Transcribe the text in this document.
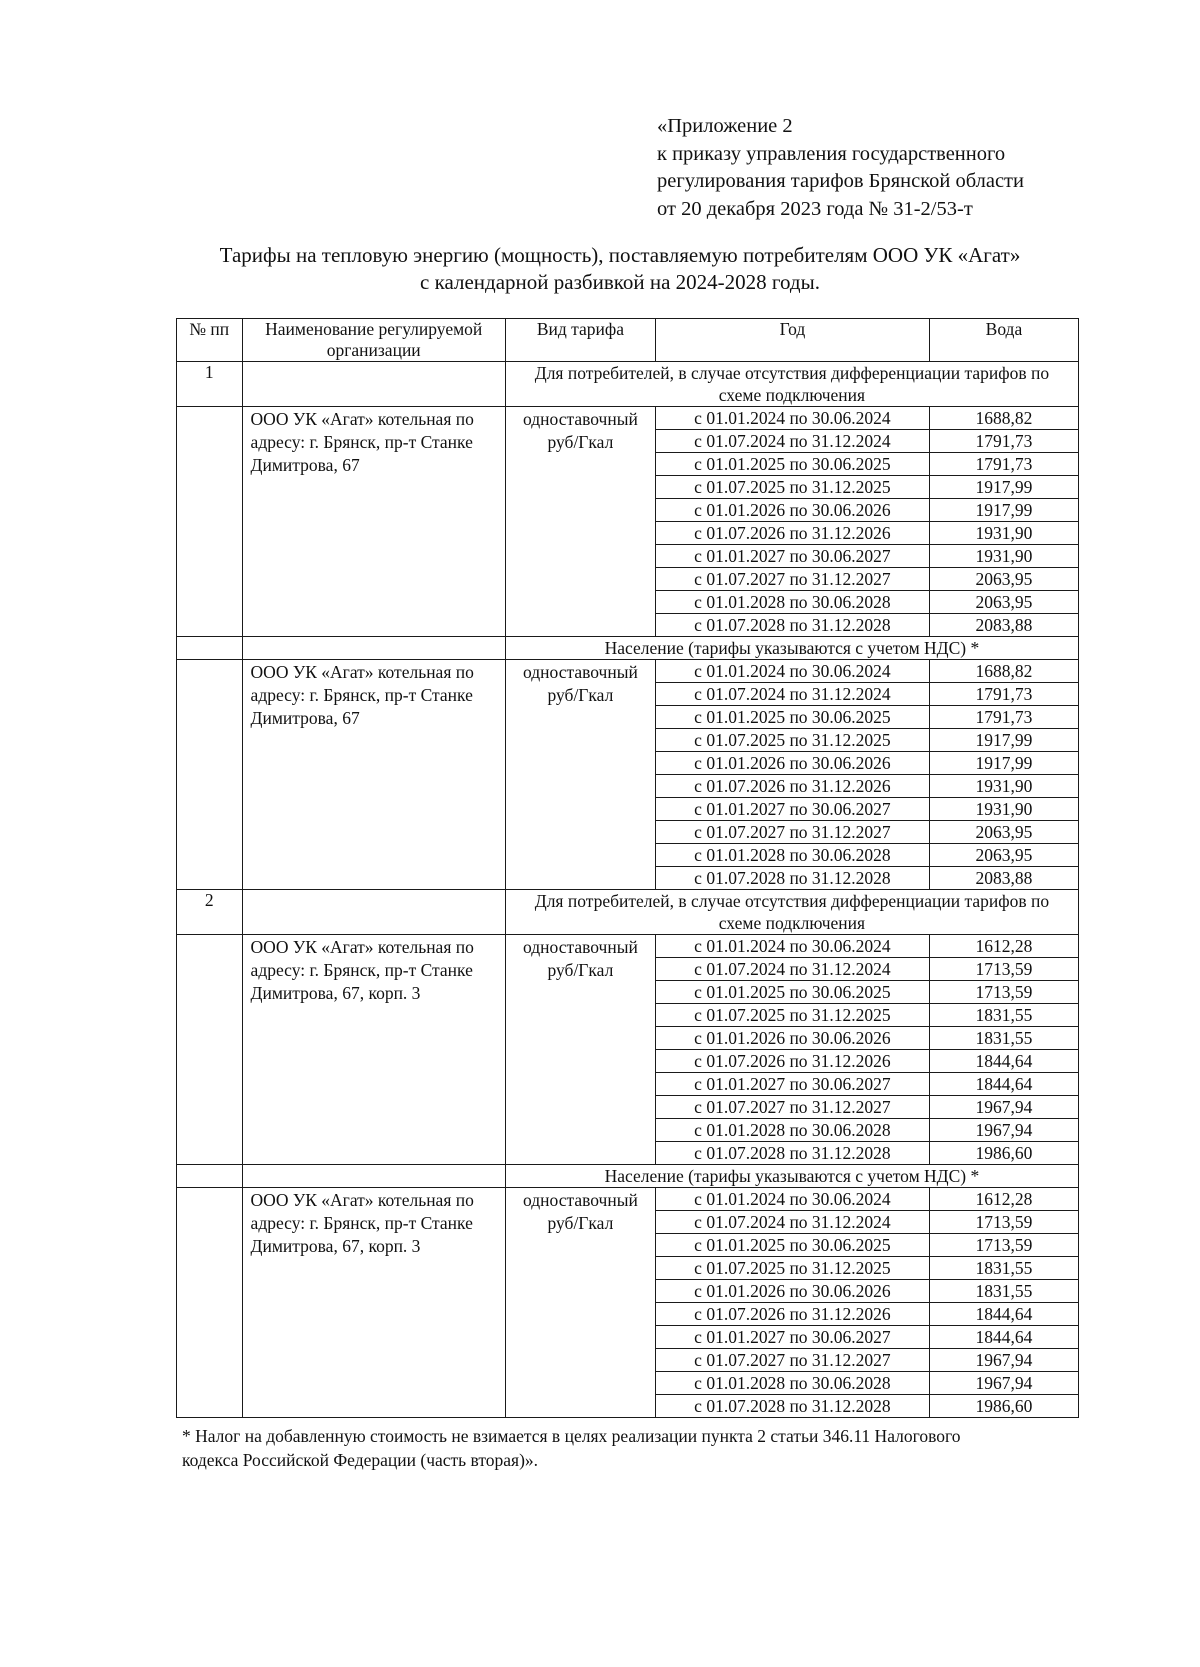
«Приложение 2
к приказу управления государственного
регулирования тарифов Брянской области
от 20 декабря 2023 года № 31-2/53-т
Тарифы на тепловую энергию (мощность), поставляемую потребителям ООО УК «Агат»
с календарной разбивкой на 2024-2028 годы.
№ пп	Наименование регулируемой организации	Вид тарифа	Год	Вода
1		Для потребителей, в случае отсутствия дифференциации тарифов по схеме подключения		
	ООО УК «Агат» котельная по адресу: г. Брянск, пр-т Станке Димитрова, 67	одноставочный руб/Гкал	с 01.01.2024 по 30.06.2024	1688,82
			с 01.07.2024 по 31.12.2024	1791,73
			с 01.01.2025 по 30.06.2025	1791,73
			с 01.07.2025 по 31.12.2025	1917,99
			с 01.01.2026 по 30.06.2026	1917,99
			с 01.07.2026 по 31.12.2026	1931,90
			с 01.01.2027 по 30.06.2027	1931,90
			с 01.07.2027 по 31.12.2027	2063,95
			с 01.01.2028 по 30.06.2028	2063,95
			с 01.07.2028 по 31.12.2028	2083,88
		Население (тарифы указываются с учетом НДС) *		
	ООО УК «Агат» котельная по адресу: г. Брянск, пр-т Станке Димитрова, 67	одноставочный руб/Гкал	с 01.01.2024 по 30.06.2024	1688,82
			с 01.07.2024 по 31.12.2024	1791,73
			с 01.01.2025 по 30.06.2025	1791,73
			с 01.07.2025 по 31.12.2025	1917,99
			с 01.01.2026 по 30.06.2026	1917,99
			с 01.07.2026 по 31.12.2026	1931,90
			с 01.01.2027 по 30.06.2027	1931,90
			с 01.07.2027 по 31.12.2027	2063,95
			с 01.01.2028 по 30.06.2028	2063,95
			с 01.07.2028 по 31.12.2028	2083,88
2		Для потребителей, в случае отсутствия дифференциации тарифов по схеме подключения		
	ООО УК «Агат» котельная по адресу: г. Брянск, пр-т Станке Димитрова, 67, корп. 3	одноставочный руб/Гкал	с 01.01.2024 по 30.06.2024	1612,28
			с 01.07.2024 по 31.12.2024	1713,59
			с 01.01.2025 по 30.06.2025	1713,59
			с 01.07.2025 по 31.12.2025	1831,55
			с 01.01.2026 по 30.06.2026	1831,55
			с 01.07.2026 по 31.12.2026	1844,64
			с 01.01.2027 по 30.06.2027	1844,64
			с 01.07.2027 по 31.12.2027	1967,94
			с 01.01.2028 по 30.06.2028	1967,94
			с 01.07.2028 по 31.12.2028	1986,60
		Население (тарифы указываются с учетом НДС) *		
	ООО УК «Агат» котельная по адресу: г. Брянск, пр-т Станке Димитрова, 67, корп. 3	одноставочный руб/Гкал	с 01.01.2024 по 30.06.2024	1612,28
			с 01.07.2024 по 31.12.2024	1713,59
			с 01.01.2025 по 30.06.2025	1713,59
			с 01.07.2025 по 31.12.2025	1831,55
			с 01.01.2026 по 30.06.2026	1831,55
			с 01.07.2026 по 31.12.2026	1844,64
			с 01.01.2027 по 30.06.2027	1844,64
			с 01.07.2027 по 31.12.2027	1967,94
			с 01.01.2028 по 30.06.2028	1967,94
			с 01.07.2028 по 31.12.2028	1986,60
* Налог на добавленную стоимость не взимается в целях реализации пункта 2 статьи 346.11 Налогового
кодекса Российской Федерации (часть вторая)».
